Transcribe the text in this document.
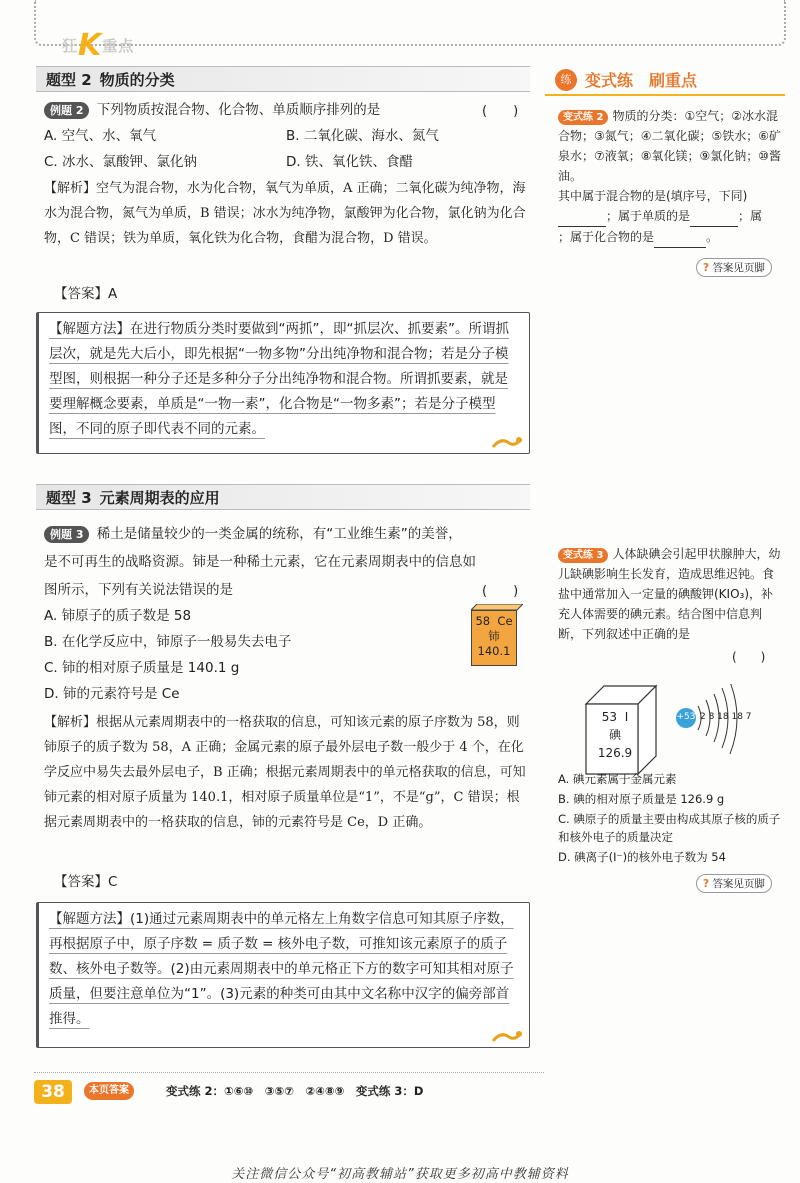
狂K重点
题型 2 物质的分类
例题 2 下列物质按混合物、化合物、单质顺序排列的是	(　　)
A. 空气、水、氧气	B. 二氧化碳、海水、氮气
C. 冰水、氯酸钾、氯化钠	D. 铁、氧化铁、食醋
【解析】空气为混合物，水为化合物，氧气为单质，A 正确；二氧化碳为纯净物，海水为混合物，氮气为单质，B 错误；冰水为纯净物，氯酸钾为化合物，氯化钠为化合物，C 错误；铁为单质，氧化铁为化合物，食醋为混合物，D 错误。
【答案】A
【解题方法】在进行物质分类时要做到“两抓”，即“抓层次、抓要素”。所谓抓层次，就是先大后小，即先根据“一物多物”分出纯净物和混合物；若是分子模型图，则根据一种分子还是多种分子分出纯净物和混合物。所谓抓要素，就是要理解概念要素，单质是“一物一素”，化合物是“一物多素”；若是分子模型图，不同的原子即代表不同的元素。
题型 3 元素周期表的应用
例题 3 稀土是储量较少的一类金属的统称，有“工业维生素”的美誉，
是不可再生的战略资源。铈是一种稀土元素，它在元素周期表中的信息如
图所示，下列有关说法错误的是	(　　)
A. 铈原子的质子数是 58
B. 在化学反应中，铈原子一般易失去电子
C. 铈的相对原子质量是 140.1 g
D. 铈的元素符号是 Ce
58 Ce
铈
140.1
【解析】根据从元素周期表中的一格获取的信息，可知该元素的原子序数为 58，则铈原子的质子数为 58，A 正确；金属元素的原子最外层电子数一般少于 4 个，在化学反应中易失去最外层电子，B 正确；根据元素周期表中的单元格获取的信息，可知铈元素的相对原子质量为 140.1，相对原子质量单位是“1”，不是“g”，C 错误；根据元素周期表中的一格获取的信息，铈的元素符号是 Ce，D 正确。
【答案】C
【解题方法】(1)通过元素周期表中的单元格左上角数字信息可知其原子序数，再根据原子中，原子序数 = 质子数 = 核外电子数，可推知该元素原子的质子数、核外电子数等。(2)由元素周期表中的单元格正下方的数字可知其相对原子质量，但要注意单位为“1”。(3)元素的种类可由其中文名称中汉字的偏旁部首推得。
练 变式练　刷重点
变式练 2 物质的分类：①空气；②冰水混合物；③氮气；④二氧化碳；⑤铁水；⑥矿泉水；⑦液氧；⑧氧化镁；⑨氯化钠；⑩酱油。
其中属于混合物的是(填序号，下同)
；属于单质的是	；属
；属于化合物的是	。
? 答案见页脚
变式练 3 人体缺碘会引起甲状腺肿大，幼儿缺碘影响生长发育，造成思维迟钝。食盐中通常加入一定量的碘酸钾(KIO₃)，补充人体需要的碘元素。结合图中信息判断，下列叙述中正确的是
(　　)
53 I
碘
126.9
+53 2 8 18 18 7
A. 碘元素属于金属元素
B. 碘的相对原子质量是 126.9 g
C. 碘原子的质量主要由构成其原子核的质子和核外电子的质量决定
D. 碘离子(I⁻)的核外电子数为 54
? 答案见页脚
38	本页答案	变式练 2：①⑥⑩　③⑤⑦　②④⑧⑨　变式练 3：D
关注微信公众号“初高教辅站”获取更多初高中教辅资料
